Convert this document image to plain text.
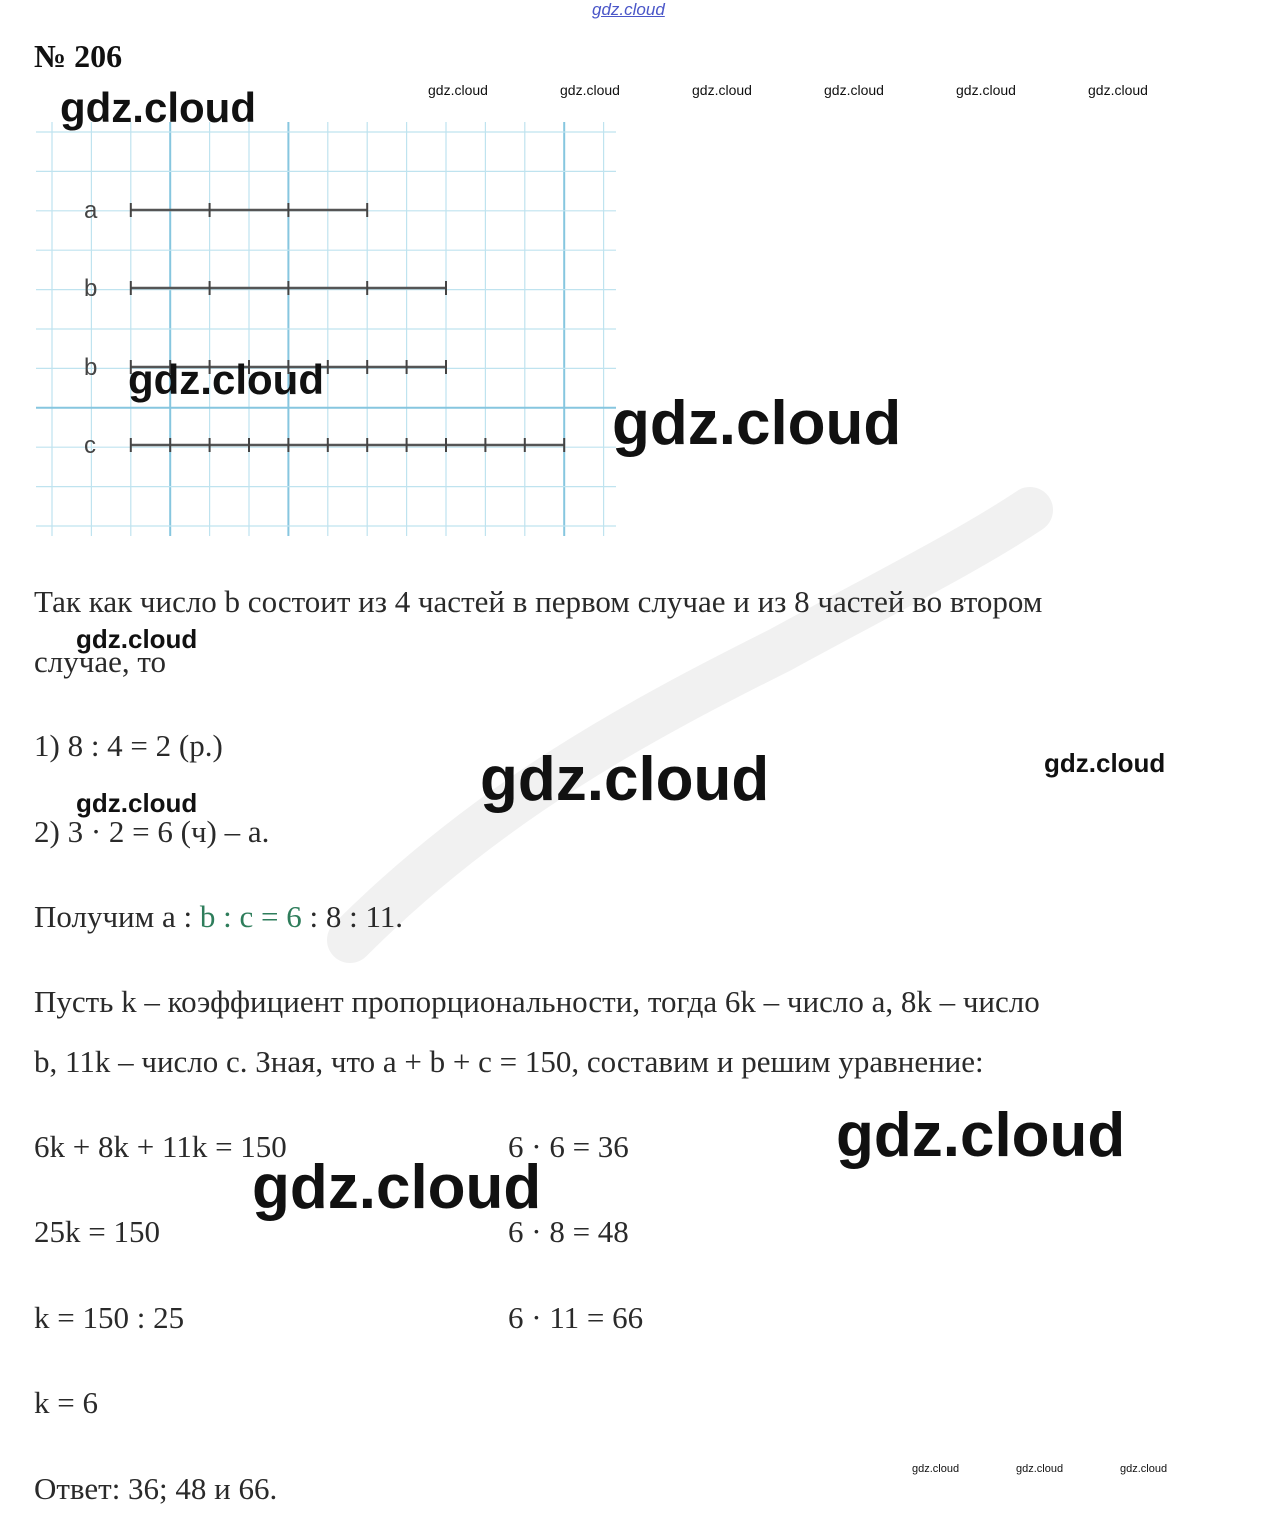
gdz.cloud
№ 206
gdz.cloud	gdz.cloud	gdz.cloud	gdz.cloud	gdz.cloud	gdz.cloud
a
b
b
c
gdz.cloud
gdz.cloud
gdz.cloud
Так как число b состоит из 4 частей в первом случае и из 8 частей во втором
случае, то
gdz.cloud
1) 8 : 4 = 2 (р.)	gdz.cloud	gdz.cloud
2) 3 · 2 = 6 (ч) – а.
gdz.cloud
Получим а : b : с = 6 : 8 : 11.
Пусть k – коэффициент пропорциональности, тогда 6k – число а, 8k – число
b, 11k – число с. Зная, что а + b + с = 150, составим и решим уравнение:
6k + 8k + 11k = 150	6 · 6 = 36	gdz.cloud
gdz.cloud
25k = 150	6 · 8 = 48
k = 150 : 25	6 · 11 = 66
k = 6
Ответ: 36; 48 и 66.
gdz.cloud	gdz.cloud	gdz.cloud
